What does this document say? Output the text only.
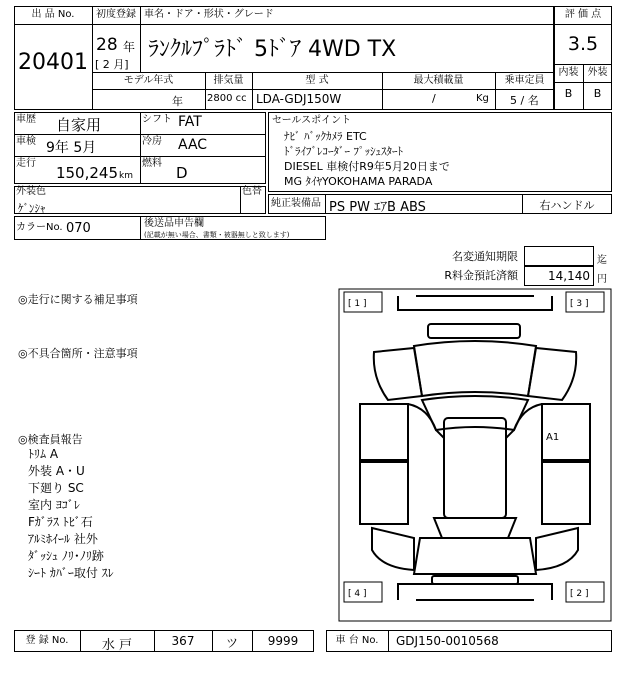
出 品 No.
20401
初度登録 車名・ドア・形状・グレード
28 年
[ 2 月]
ﾗﾝｸﾙﾌﾟﾗﾄﾞ 5ﾄﾞｱ 4WD TX
モデル年式	排気量	型 式	最大積載量	乗車定員
年 2800 cc LDA-GDJ150W	/	Kg 5 / 名
評 価 点
3.5
内装 外装
B	B
車歴 自家用	シフト FAT
車検 9年 5月	冷房 AAC
走行
150,245 km
燃料
D
外装色
ｹﾞﾝｼｬ
色替
カラーNo. 070	後送品申告欄
(記載が無い場合、書類・被器無しと致します)
セールスポイント
ﾅﾋﾞ ﾊﾞｯｸｶﾒﾗ ETC
ﾄﾞﾗｲﾌﾞﾚｺｰﾀﾞｰ ﾌﾟｯｼｭｽﾀｰﾄ
DIESEL 車検付R9年5月20日まで
MG ﾀｲﾔYOKOHAMA PARADA
純正装備品 PS PW ｴｱB ABS	右ハンドル
名変通知期限	迄
R料金預託済額	14,140 円
◎走行に関する補足事項
◎不具合箇所・注意事項
◎検査員報告
ﾄﾘﾑ A
外装 A・U
下廻り SC
室内 ﾖｺﾞﾚ
Fｶﾞﾗｽ ﾄﾋﾞ石
ｱﾙﾐﾎｲｰﾙ 社外
ﾀﾞｯｼｭ ﾉﾘ･ﾉﾘ跡
ｼｰﾄ ｶﾊﾞｰ取付 ｽﾚ
[ 1 ]	[ 3 ]
[ 4 ]	[ 2 ]
A1
登 録 No.	水 戸	367	ツ	9999	車 台 No.	GDJ150-0010568
